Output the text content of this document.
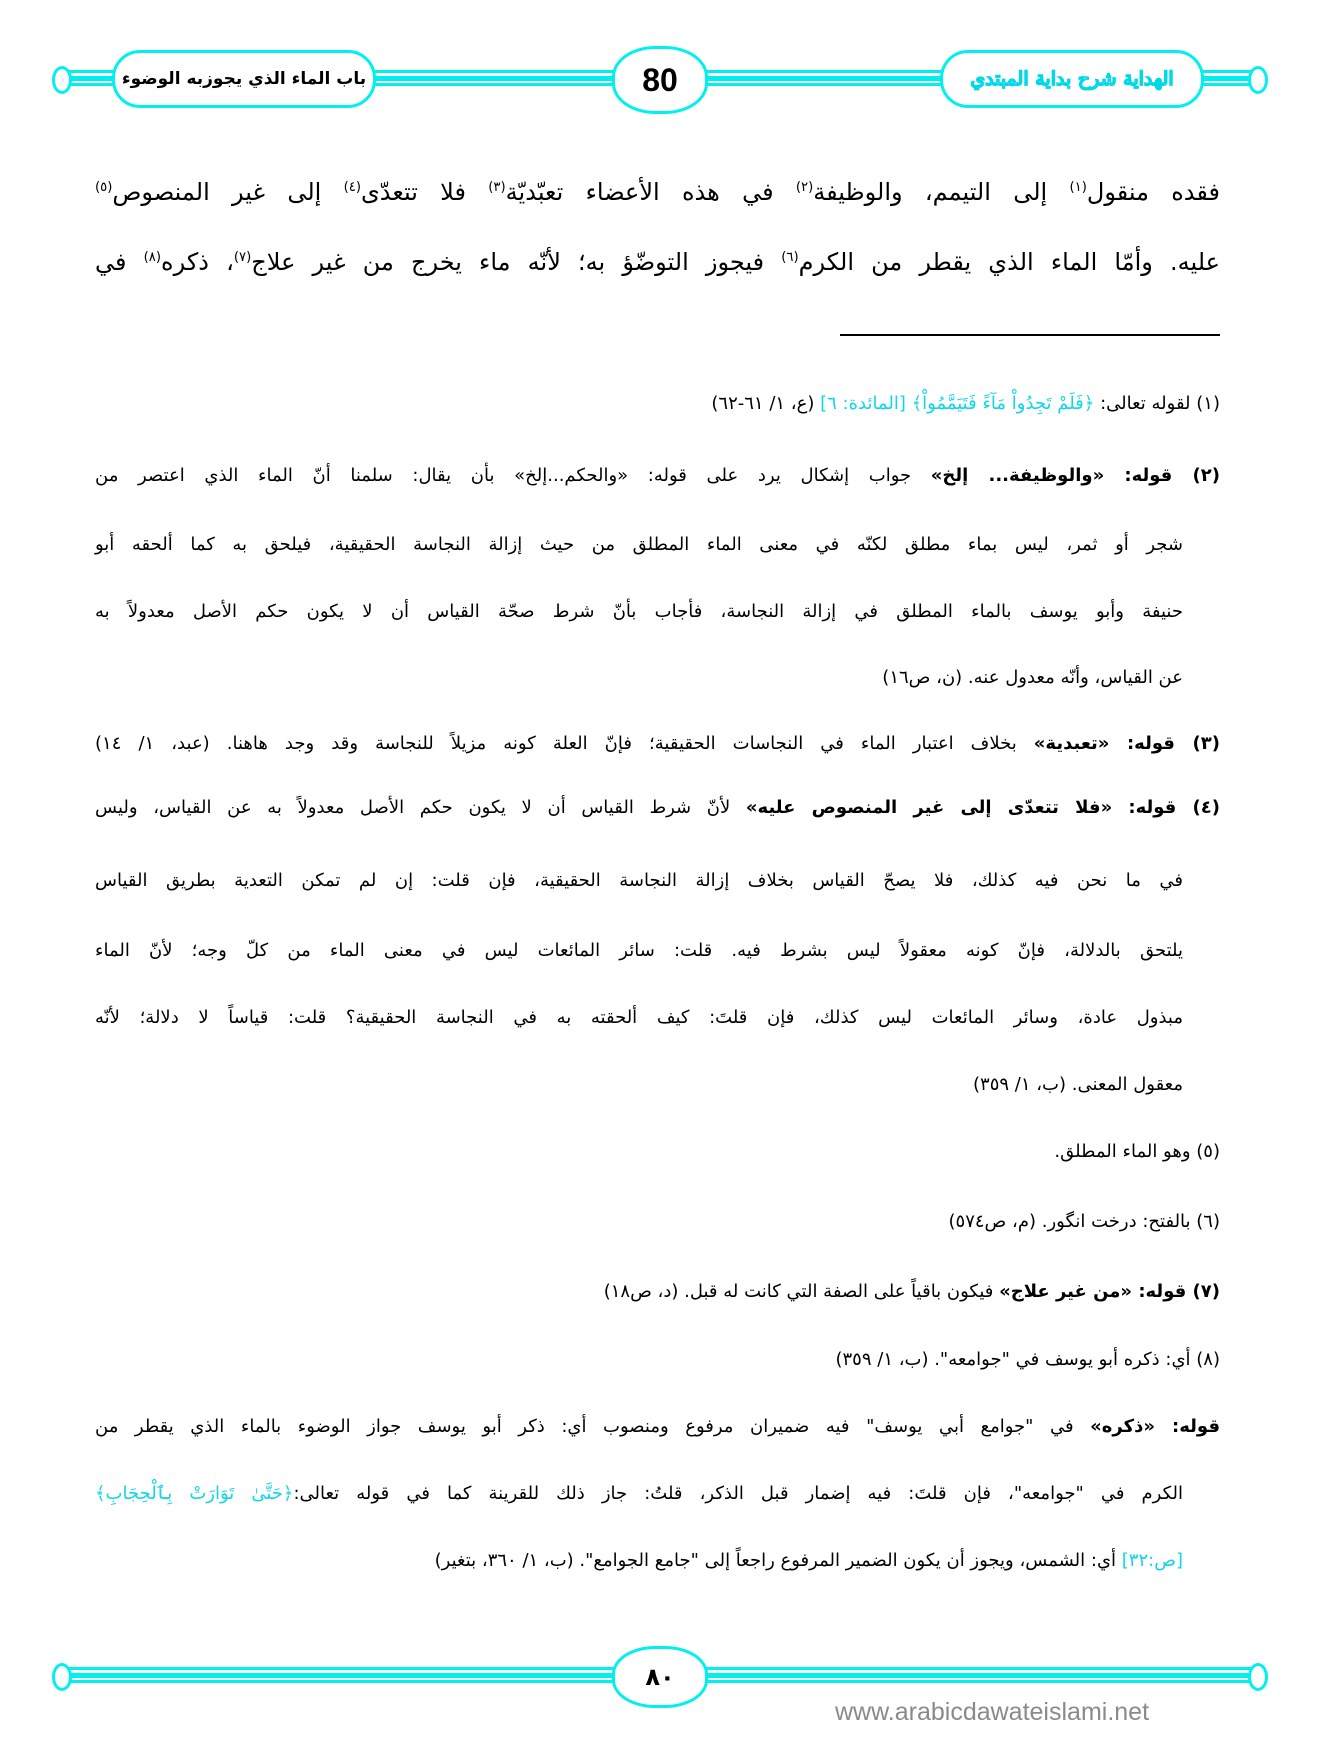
باب الماء الذي يجوزبه الوضوء	80	الهداية شرح بداية المبتدي
فقده منقول$^{(١)}$ إلى التيمم، والوظيفة$^{(٢)}$ في هذه الأعضاء تعبّديّة$^{(٣)}$ فلا تتعدّى$^{(٤)}$ إلى غير المنصوص$^{(٥)}$
عليه. وأمّا الماء الذي يقطر من الكرم$^{(٦)}$ فيجوز التوضّؤ به؛ لأنّه ماء يخرج من غير علاج$^{(٧)}$، ذكره$^{(٨)}$ في
(١) لقوله تعالى: ﴿فَلَمْ تَجِدُواْ مَآءً فَتَيَمَّمُواْ﴾ [المائدة: ٦] (ع، ١/ ٦١-٦٢)
(٢) قوله: «والوظيفة... إلخ» جواب إشكال يرد على قوله: «والحكم...إلخ» بأن يقال: سلمنا أنّ الماء الذي اعتصر من
شجر أو ثمر، ليس بماء مطلق لكنّه في معنى الماء المطلق من حيث إزالة النجاسة الحقيقية، فيلحق به كما ألحقه أبو
حنيفة وأبو يوسف بالماء المطلق في إزالة النجاسة، فأجاب بأنّ شرط صحّة القياس أن لا يكون حكم الأصل معدولاً به
عن القياس، وأنّه معدول عنه. (ن، ص١٦)
(٣) قوله: «تعبدية» بخلاف اعتبار الماء في النجاسات الحقيقية؛ فإنّ العلة كونه مزيلاً للنجاسة وقد وجد هاهنا. (عبد، ١/ ١٤)
(٤) قوله: «فلا تتعدّى إلى غير المنصوص عليه» لأنّ شرط القياس أن لا يكون حكم الأصل معدولاً به عن القياس، وليس
في ما نحن فيه كذلك، فلا يصحّ القياس بخلاف إزالة النجاسة الحقيقية، فإن قلت: إن لم تمكن التعدية بطريق القياس
يلتحق بالدلالة، فإنّ كونه معقولاً ليس بشرط فيه. قلت: سائر المائعات ليس في معنى الماء من كلّ وجه؛ لأنّ الماء
مبذول عادة، وسائر المائعات ليس كذلك، فإن قلتَ: كيف ألحقته به في النجاسة الحقيقية؟ قلت: قياساً لا دلالة؛ لأنّه
معقول المعنى. (ب، ١/ ٣٥٩)
(٥) وهو الماء المطلق.
(٦) بالفتح: درخت انگور. (م، ص٥٧٤)
(٧) قوله: «من غير علاج» فيكون باقياً على الصفة التي كانت له قبل. (د، ص١٨)
(٨) أي: ذكره أبو يوسف في "جوامعه". (ب، ١/ ٣٥٩)
قوله: «ذكره» في "جوامع أبي يوسف" فيه ضميران مرفوع ومنصوب أي: ذكر أبو يوسف جواز الوضوء بالماء الذي يقطر من
الكرم في "جوامعه"، فإن قلتَ: فيه إضمار قبل الذكر، قلتُ: جاز ذلك للقرينة كما في قوله تعالى:﴿حَتَّىٰ تَوَارَتْ بِٱلْحِجَابِ﴾
[ص:٣٢] أي: الشمس، ويجوز أن يكون الضمير المرفوع راجعاً إلى "جامع الجوامع". (ب، ١/ ٣٦٠، بتغير)
٨٠
www.arabicdawateislami.net
